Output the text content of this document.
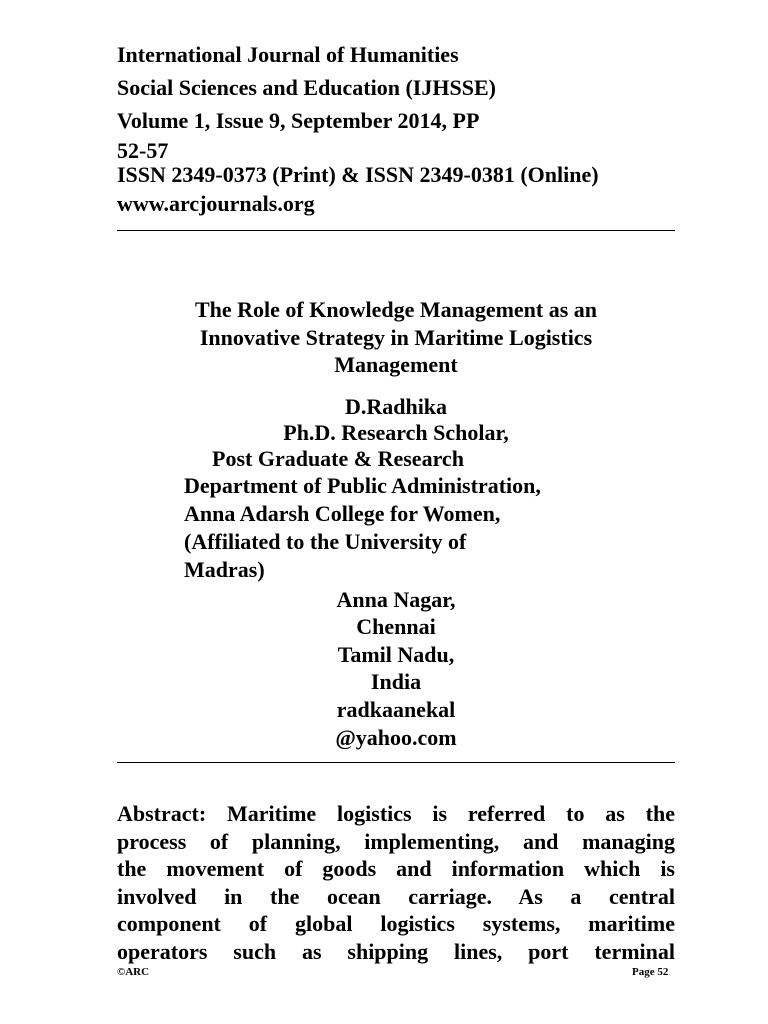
International Journal of Humanities
Social Sciences and Education (IJHSSE)
Volume 1, Issue 9, September 2014, PP
52-57
ISSN 2349-0373 (Print) & ISSN 2349-0381 (Online)
www.arcjournals.org
The Role of Knowledge Management as an
Innovative Strategy in Maritime Logistics
Management
D.Radhika
Ph.D. Research Scholar,
Post Graduate & Research
Department of Public Administration,
Anna Adarsh College for Women,
(Affiliated to the University of
Madras)
Anna Nagar,
Chennai
Tamil Nadu,
India
radkaanekal
@yahoo.com
Abstract: Maritime logistics is referred to as the
process of planning, implementing, and managing
the movement of goods and information which is
involved in the ocean carriage. As a central
component of global logistics systems, maritime
operators such as shipping lines, port terminal
©ARC	Page 52
